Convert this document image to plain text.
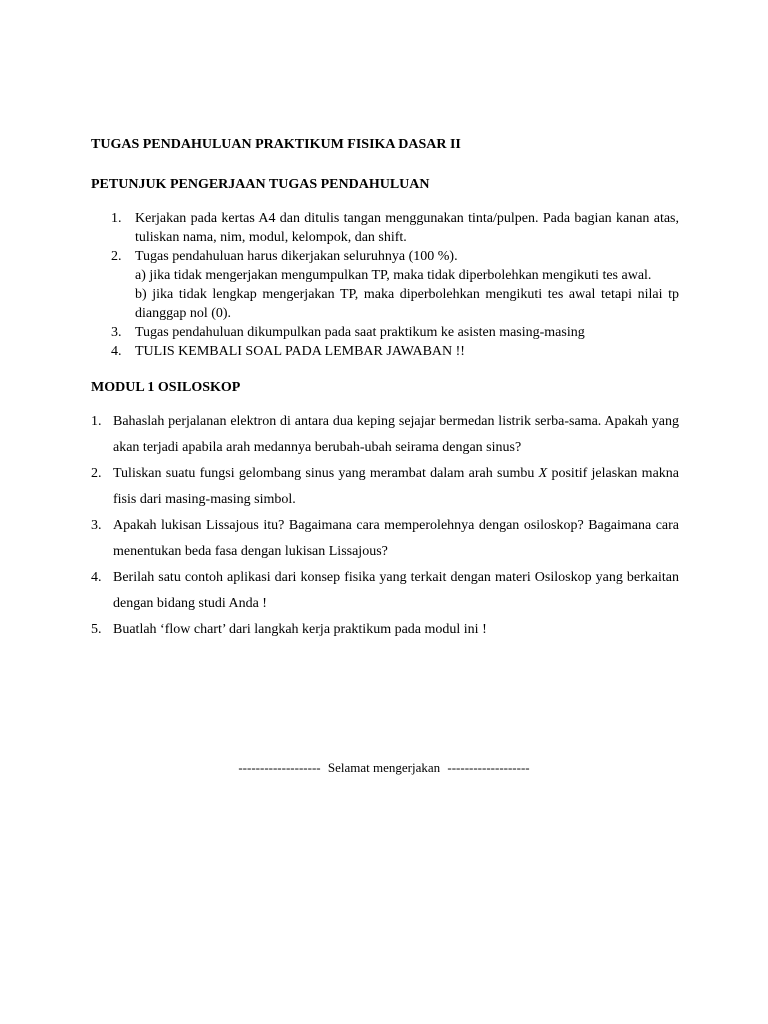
TUGAS PENDAHULUAN PRAKTIKUM FISIKA DASAR II

PETUNJUK PENGERJAAN TUGAS PENDAHULUAN

1. Kerjakan pada kertas A4 dan ditulis tangan menggunakan tinta/pulpen. Pada bagian kanan atas, tuliskan nama, nim, modul, kelompok, dan shift.
2. Tugas pendahuluan harus dikerjakan seluruhnya (100 %).
a) jika tidak mengerjakan mengumpulkan TP, maka tidak diperbolehkan mengikuti tes awal.
b) jika tidak lengkap mengerjakan TP, maka diperbolehkan mengikuti tes awal tetapi nilai tp dianggap nol (0).
3. Tugas pendahuluan dikumpulkan pada saat praktikum ke asisten masing-masing
4. TULIS KEMBALI SOAL PADA LEMBAR JAWABAN !!

MODUL 1 OSILOSKOP

1. Bahaslah perjalanan elektron di antara dua keping sejajar bermedan listrik serba-sama. Apakah yang akan terjadi apabila arah medannya berubah-ubah seirama dengan sinus?
2. Tuliskan suatu fungsi gelombang sinus yang merambat dalam arah sumbu X positif jelaskan makna fisis dari masing-masing simbol.
3. Apakah lukisan Lissajous itu? Bagaimana cara memperolehnya dengan osiloskop? Bagaimana cara menentukan beda fasa dengan lukisan Lissajous?
4. Berilah satu contoh aplikasi dari konsep fisika yang terkait dengan materi Osiloskop yang berkaitan dengan bidang studi Anda !
5. Buatlah ‘flow chart’ dari langkah kerja praktikum pada modul ini !
------------------- Selamat mengerjakan -------------------
